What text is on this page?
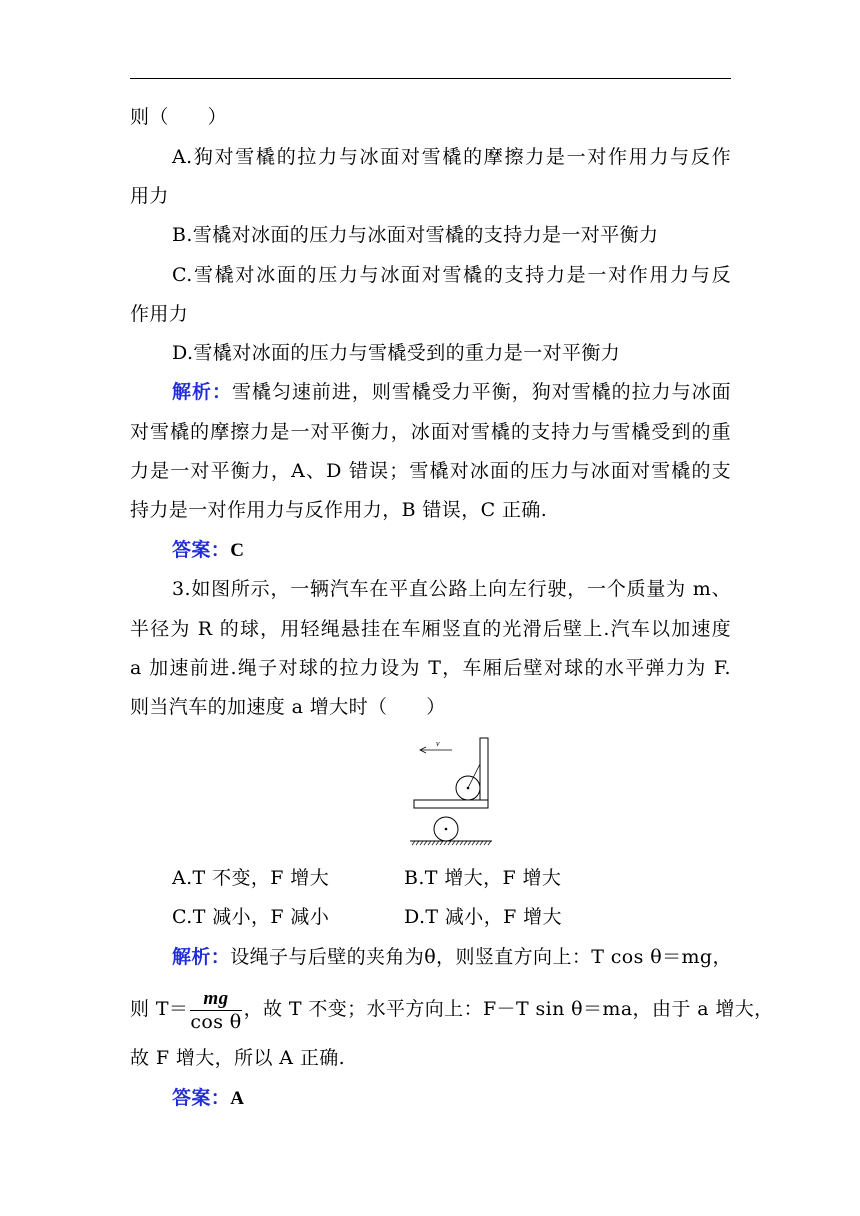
则（　　）
A.狗对雪橇的拉力与冰面对雪橇的摩擦力是一对作用力与反作
用力
B.雪橇对冰面的压力与冰面对雪橇的支持力是一对平衡力
C.雪橇对冰面的压力与冰面对雪橇的支持力是一对作用力与反
作用力
D.雪橇对冰面的压力与雪橇受到的重力是一对平衡力
解析：雪橇匀速前进，则雪橇受力平衡，狗对雪橇的拉力与冰面
对雪橇的摩擦力是一对平衡力，冰面对雪橇的支持力与雪橇受到的重
力是一对平衡力，A、D 错误；雪橇对冰面的压力与冰面对雪橇的支
持力是一对作用力与反作用力，B 错误，C 正确.
答案：C
3.如图所示，一辆汽车在平直公路上向左行驶，一个质量为 m、
半径为 R 的球，用轻绳悬挂在车厢竖直的光滑后壁上.汽车以加速度
a 加速前进.绳子对球的拉力设为 T，车厢后壁对球的水平弹力为 F.
则当汽车的加速度 a 增大时（　　）
v
A.T 不变，F 增大	B.T 增大，F 增大
C.T 减小，F 减小	D.T 减小，F 增大
解析：设绳子与后壁的夹角为θ，则竖直方向上：T cos θ＝mg，
则 $T= \frac{mg}{\text{cos θ}}$ ，故 T 不变；水平方向上：F－T sin θ＝ma，由于 a 增大，
故 F 增大，所以 A 正确.
答案：A
